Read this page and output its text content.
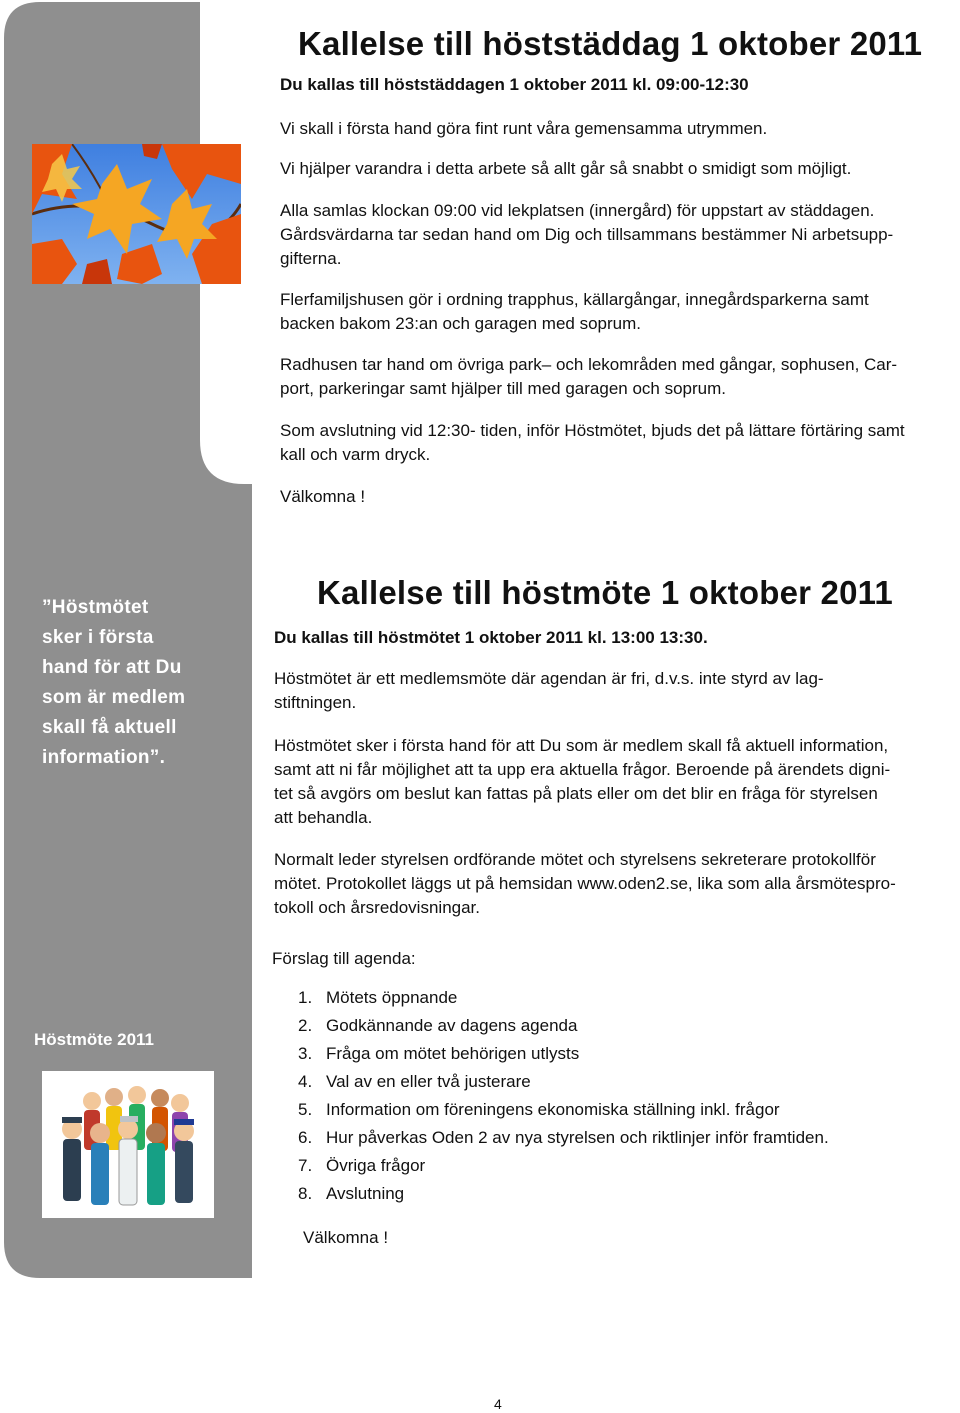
Kallelse till höststäddag 1 oktober 2011
Du kallas till höststäddagen 1 oktober 2011 kl. 09:00-12:30
Vi skall i första hand göra fint runt våra gemensamma utrymmen.
Vi hjälper varandra i detta arbete så allt går så snabbt o smidigt som möjligt.
Alla samlas klockan 09:00 vid lekplatsen (innergård) för uppstart av städdagen.
Gårdsvärdarna tar sedan hand om Dig och tillsammans bestämmer Ni arbetsupp-
gifterna.
Flerfamiljshusen gör i ordning trapphus, källargångar, innegårdsparkerna samt
backen bakom 23:an och garagen med soprum.
Radhusen tar hand om övriga park– och lekområden med gångar, sophusen, Car-
port, parkeringar samt hjälper till med garagen och soprum.
Som avslutning vid 12:30- tiden, inför Höstmötet, bjuds det på lättare förtäring samt
kall och varm dryck.
Välkomna !
”Höstmötet
sker i första
hand för att Du
som är medlem
skall få aktuell
information”.
Kallelse till höstmöte 1 oktober 2011
Du kallas till höstmötet 1 oktober 2011 kl. 13:00 13:30.
Höstmötet är ett medlemsmöte där agendan är fri, d.v.s. inte styrd av lag-
stiftningen.
Höstmötet sker i första hand för att Du som är medlem skall få aktuell information,
samt att ni får möjlighet att ta upp era aktuella frågor. Beroende på ärendets digni-
tet så avgörs om beslut kan fattas på plats eller om det blir en fråga för styrelsen
att behandla.
Normalt leder styrelsen ordförande mötet och styrelsens sekreterare protokollför
mötet. Protokollet läggs ut på hemsidan www.oden2.se, lika som alla årsmötespro-
tokoll och årsredovisningar.
Förslag till agenda:
1. Mötets öppnande
2. Godkännande av dagens agenda
3. Fråga om mötet behörigen utlysts
4. Val av en eller två justerare
5. Information om föreningens ekonomiska ställning inkl. frågor
6. Hur påverkas Oden 2 av nya styrelsen och riktlinjer inför framtiden.
7. Övriga frågor
8. Avslutning
Välkomna !
Höstmöte 2011
4
